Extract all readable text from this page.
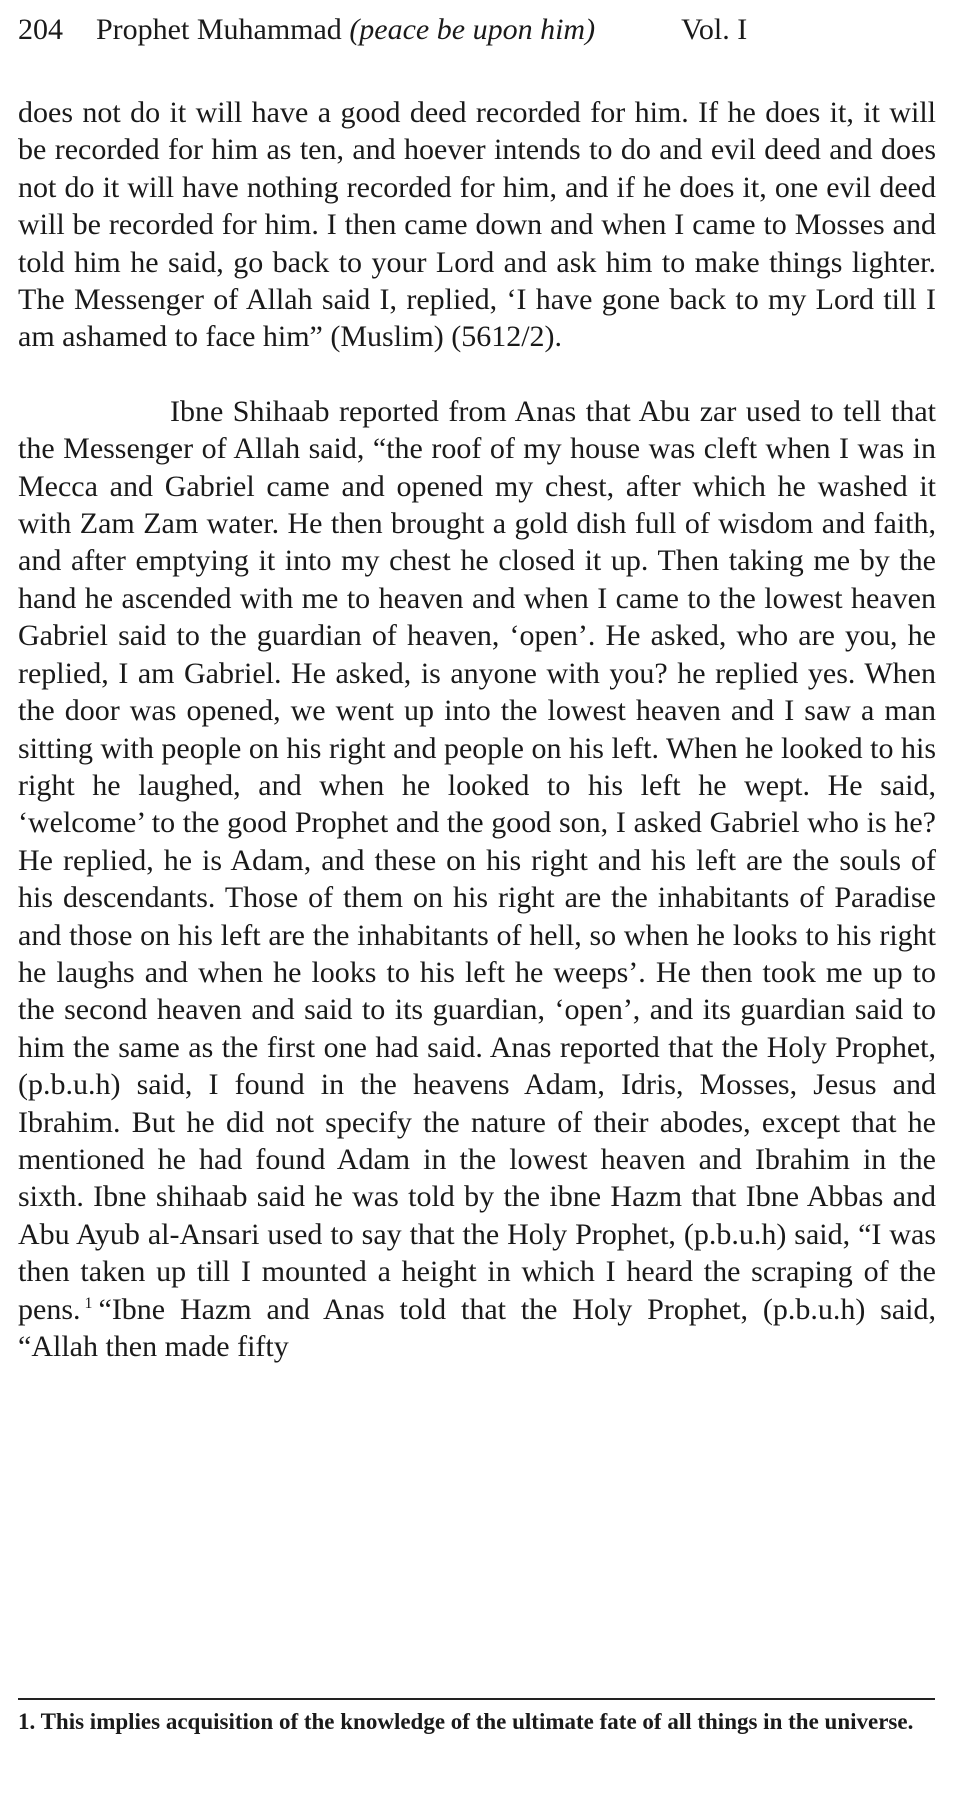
204	Prophet Muhammad (peace be upon him)	Vol. I

does not do it will have a good deed recorded for him. If he does it, it will be recorded for him as ten, and hoever intends to do and evil deed and does not do it will have nothing recorded for him, and if he does it, one evil deed will be recorded for him. I then came down and when I came to Mosses and told him he said, go back to your Lord and ask him to make things lighter. The Messenger of Allah said I, replied, ‘I have gone back to my Lord till I am ashamed to face him” (Muslim) (5612/2).

Ibne Shihaab reported from Anas that Abu zar used to tell that the Messenger of Allah said, “the roof of my house was cleft when I was in Mecca and Gabriel came and opened my chest, after which he washed it with Zam Zam water. He then brought a gold dish full of wisdom and faith, and after emptying it into my chest he closed it up. Then taking me by the hand he ascended with me to heaven and when I came to the lowest heaven Gabriel said to the guardian of heaven, ‘open’. He asked, who are you, he replied, I am Gabriel. He asked, is anyone with you? he replied yes. When the door was opened, we went up into the lowest heaven and I saw a man sitting with people on his right and people on his left. When he looked to his right he laughed, and when he looked to his left he wept. He said, ‘welcome’ to the good Prophet and the good son, I asked Gabriel who is he? He replied, he is Adam, and these on his right and his left are the souls of his descendants. Those of them on his right are the inhabitants of Paradise and those on his left are the inhabitants of hell, so when he looks to his right he laughs and when he looks to his left he weeps’. He then took me up to the second heaven and said to its guardian, ‘open’, and its guardian said to him the same as the first one had said. Anas reported that the Holy Prophet, (p.b.u.h) said, I found in the heavens Adam, Idris, Mosses, Jesus and Ibrahim. But he did not specify the nature of their abodes, except that he mentioned he had found Adam in the lowest heaven and Ibrahim in the sixth. Ibne shihaab said he was told by the ibne Hazm that Ibne Abbas and Abu Ayub al-Ansari used to say that the Holy Prophet, (p.b.u.h) said, “I was then taken up till I mounted a height in which I heard the scraping of the pens. $^1$ “Ibne Hazm and Anas told that the Holy Prophet, (p.b.u.h) said, “Allah then made fifty

1. This implies acquisition of the knowledge of the ultimate fate of all things in the universe.
